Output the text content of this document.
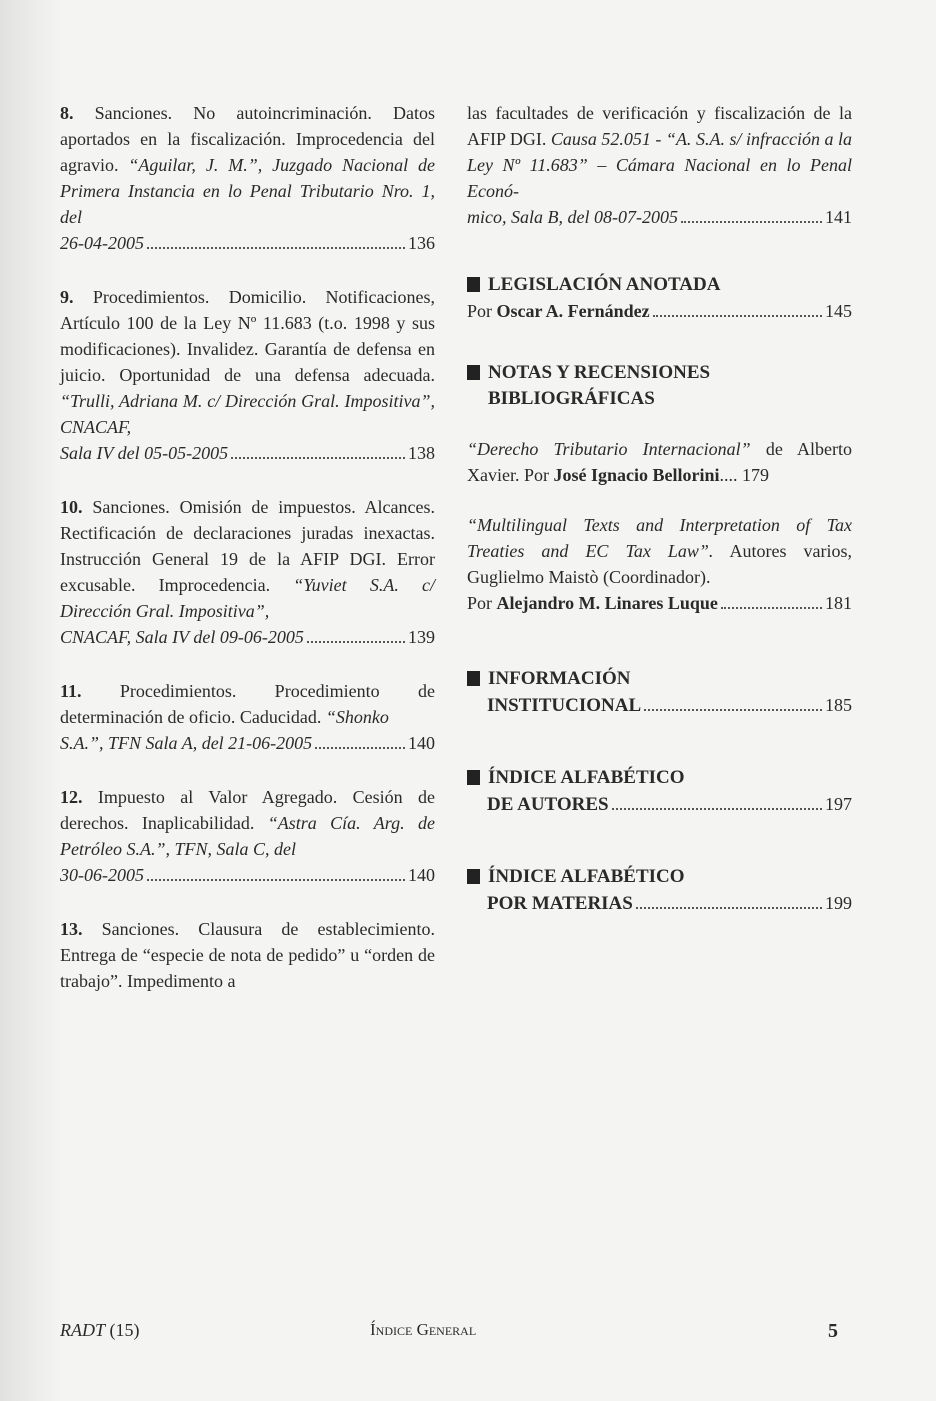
8. Sanciones. No autoincriminación. Datos aportados en la fiscalización. Improcedencia del agravio. “Aguilar, J. M.”, Juzgado Nacional de Primera Instancia en lo Penal Tributario Nro. 1, del
26-04-2005	136
9. Procedimientos. Domicilio. Notificaciones, Artículo 100 de la Ley Nº 11.683 (t.o. 1998 y sus modificaciones). Invalidez. Garantía de defensa en juicio. Oportunidad de una defensa adecuada. “Trulli, Adriana M. c/ Dirección Gral. Impositiva”, CNACAF,
Sala IV del 05-05-2005	138
10. Sanciones. Omisión de impuestos. Alcances. Rectificación de declaraciones juradas inexactas. Instrucción General 19 de la AFIP DGI. Error excusable. Improcedencia. “Yuviet S.A. c/ Dirección Gral. Impositiva”,
CNACAF, Sala IV del 09-06-2005	139
11. Procedimientos. Procedimiento de determinación de oficio. Caducidad. “Shonko
S.A.”, TFN Sala A, del 21-06-2005	140
12. Impuesto al Valor Agregado. Cesión de derechos. Inaplicabilidad. “Astra Cía. Arg. de Petróleo S.A.”, TFN, Sala C, del
30-06-2005	140
13. Sanciones. Clausura de establecimiento. Entrega de “especie de nota de pedido” u “orden de trabajo”. Impedimento a
las facultades de verificación y fiscalización de la AFIP DGI. Causa 52.051 - “A. S.A. s/ infracción a la Ley Nº 11.683” – Cámara Nacional en lo Penal Econó-
mico, Sala B, del 08-07-2005	141
LEGISLACIÓN ANOTADA
Por Oscar A. Fernández	145
NOTAS Y RECENSIONES
BIBLIOGRÁFICAS
“Derecho Tributario Internacional” de Alberto Xavier. Por José Ignacio Bellorini.... 179
“Multilingual Texts and Interpretation of Tax Treaties and EC Tax Law”. Autores varios, Guglielmo Maistò (Coordinador).
Por Alejandro M. Linares Luque	181
INFORMACIÓN
INSTITUCIONAL	185
ÍNDICE ALFABÉTICO
DE AUTORES	197
ÍNDICE ALFABÉTICO
POR MATERIAS	199
RADT (15)	Índice General	5
